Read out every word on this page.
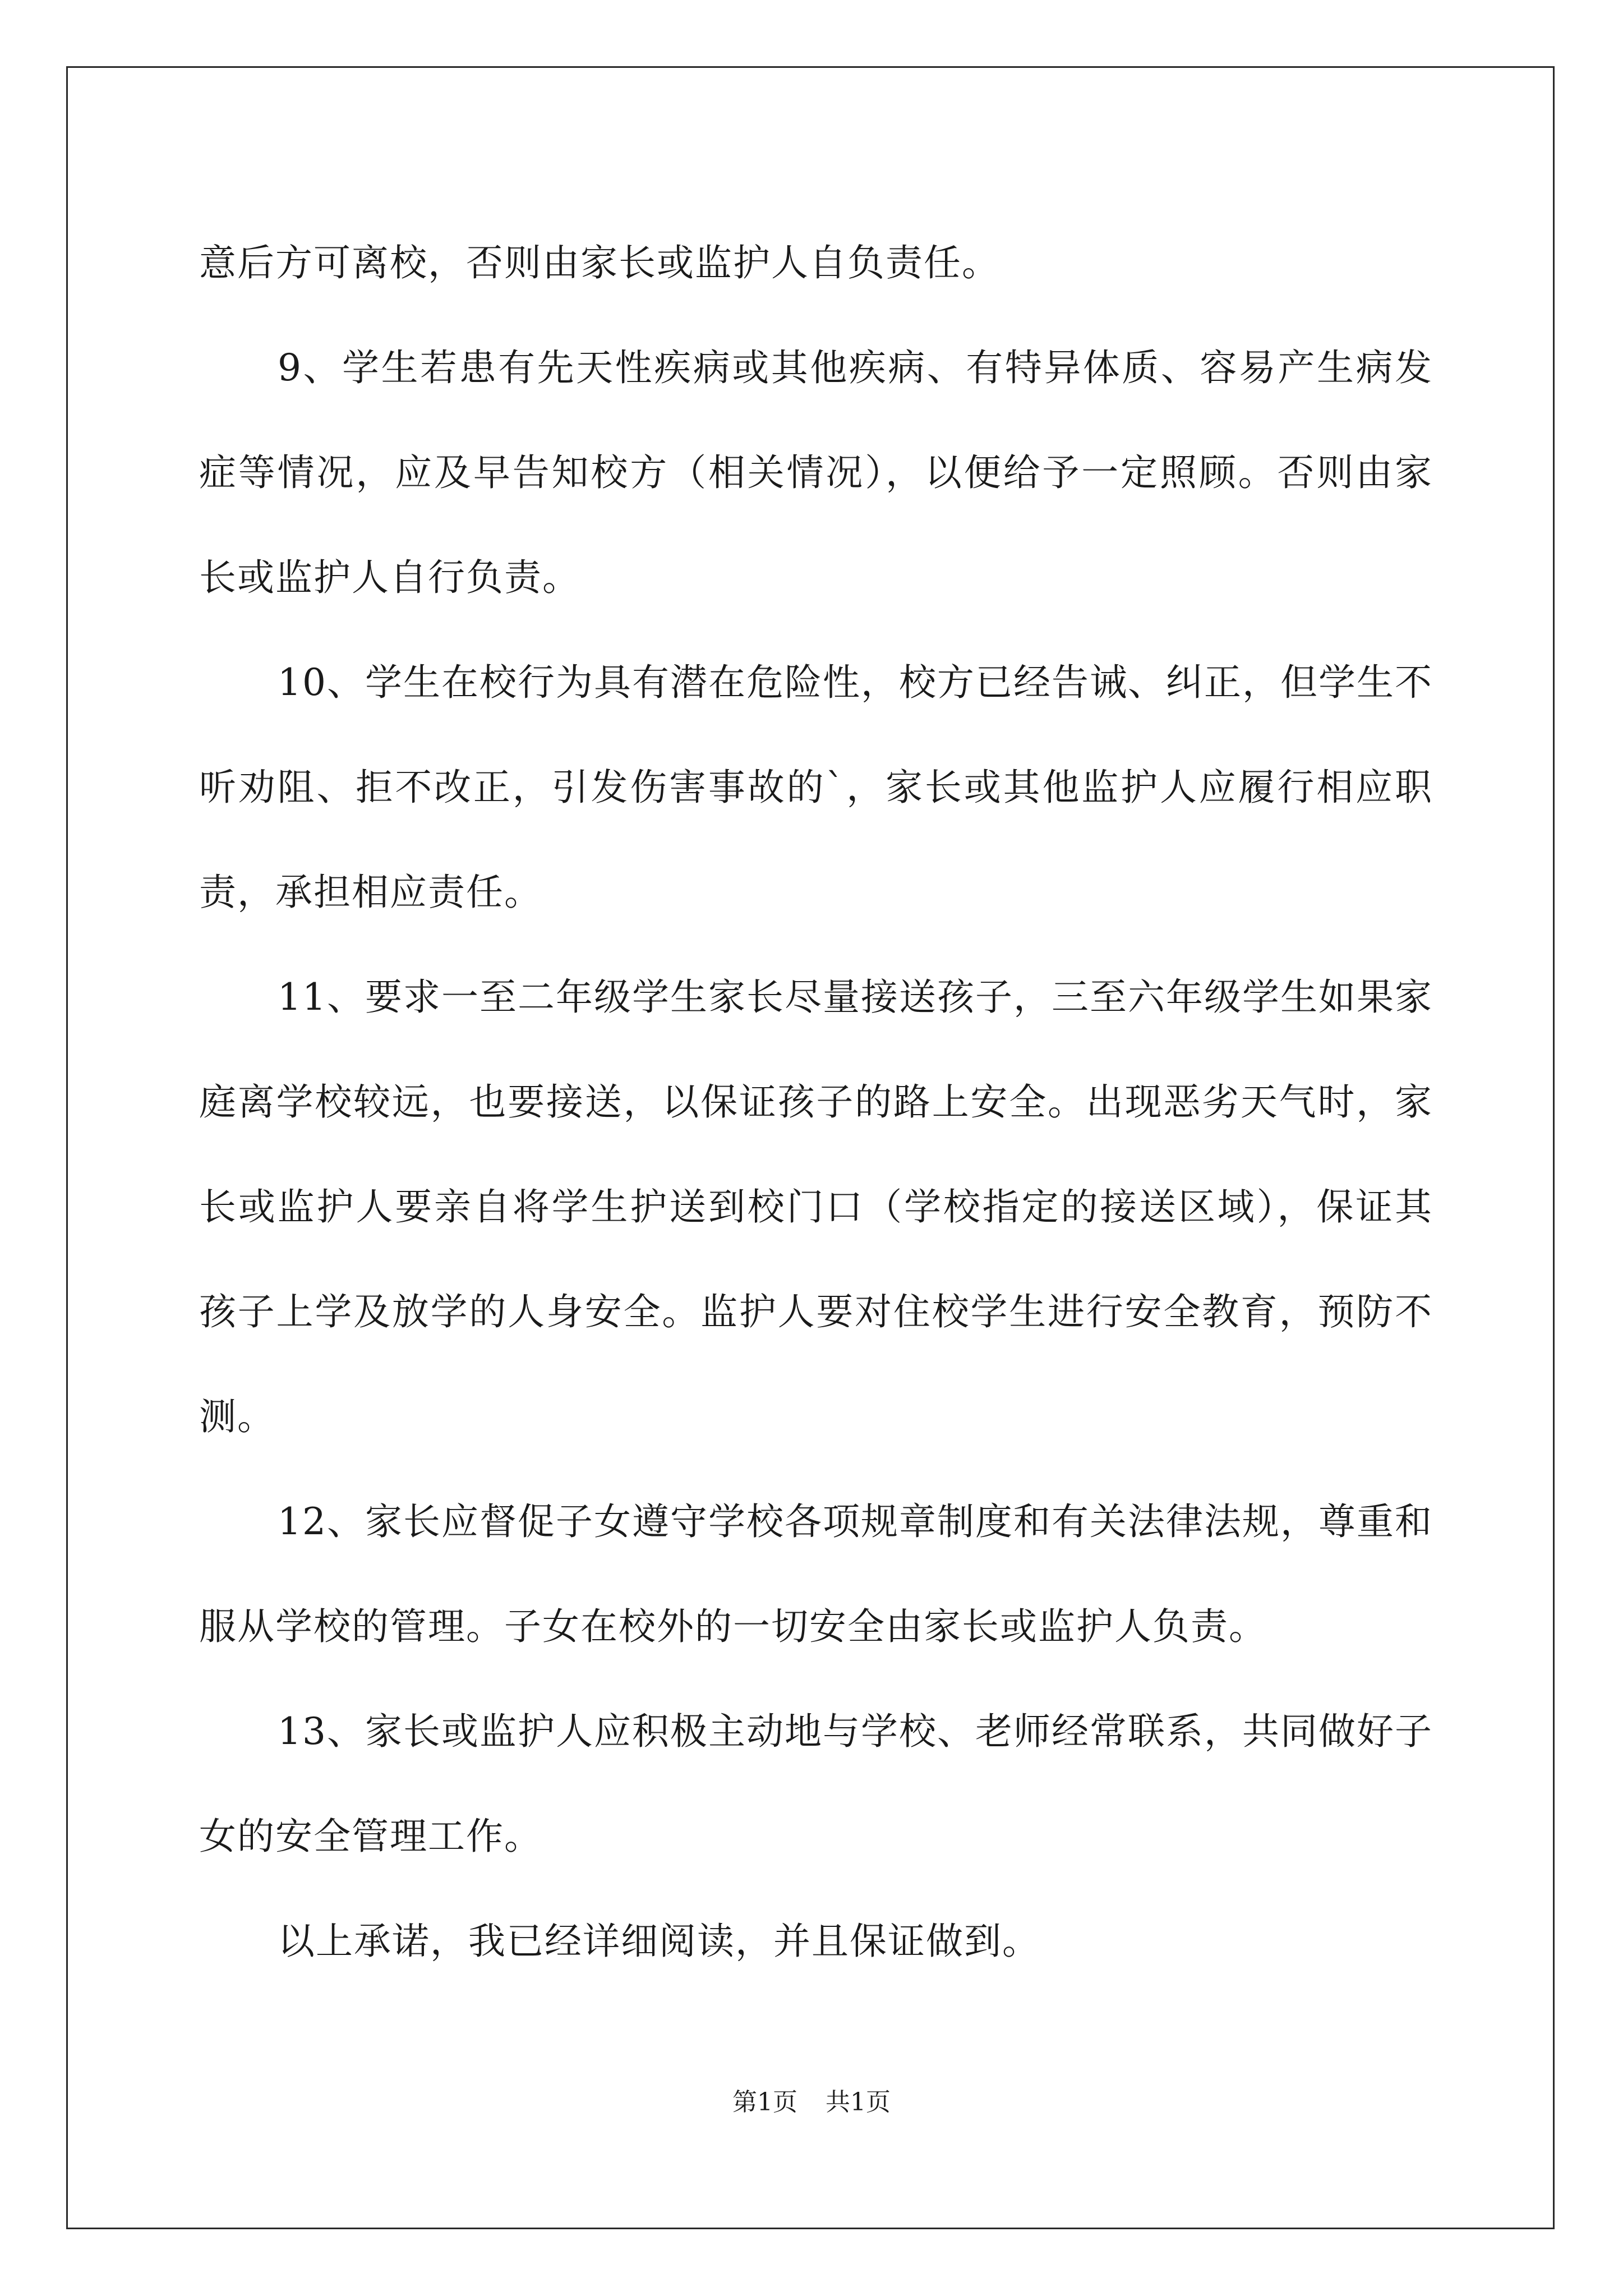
意后方可离校，否则由家长或监护人自负责任。

9、学生若患有先天性疾病或其他疾病、有特异体质、容易产生病发症等情况，应及早告知校方（相关情况），以便给予一定照顾。否则由家长或监护人自行负责。

10、学生在校行为具有潜在危险性，校方已经告诫、纠正，但学生不听劝阻、拒不改正，引发伤害事故的`，家长或其他监护人应履行相应职责，承担相应责任。

11、要求一至二年级学生家长尽量接送孩子，三至六年级学生如果家庭离学校较远，也要接送，以保证孩子的路上安全。出现恶劣天气时，家长或监护人要亲自将学生护送到校门口（学校指定的接送区域），保证其孩子上学及放学的人身安全。监护人要对住校学生进行安全教育，预防不测。

12、家长应督促子女遵守学校各项规章制度和有关法律法规，尊重和服从学校的管理。子女在校外的一切安全由家长或监护人负责。

13、家长或监护人应积极主动地与学校、老师经常联系，共同做好子女的安全管理工作。

以上承诺，我已经详细阅读，并且保证做到。

第1页 共1页
